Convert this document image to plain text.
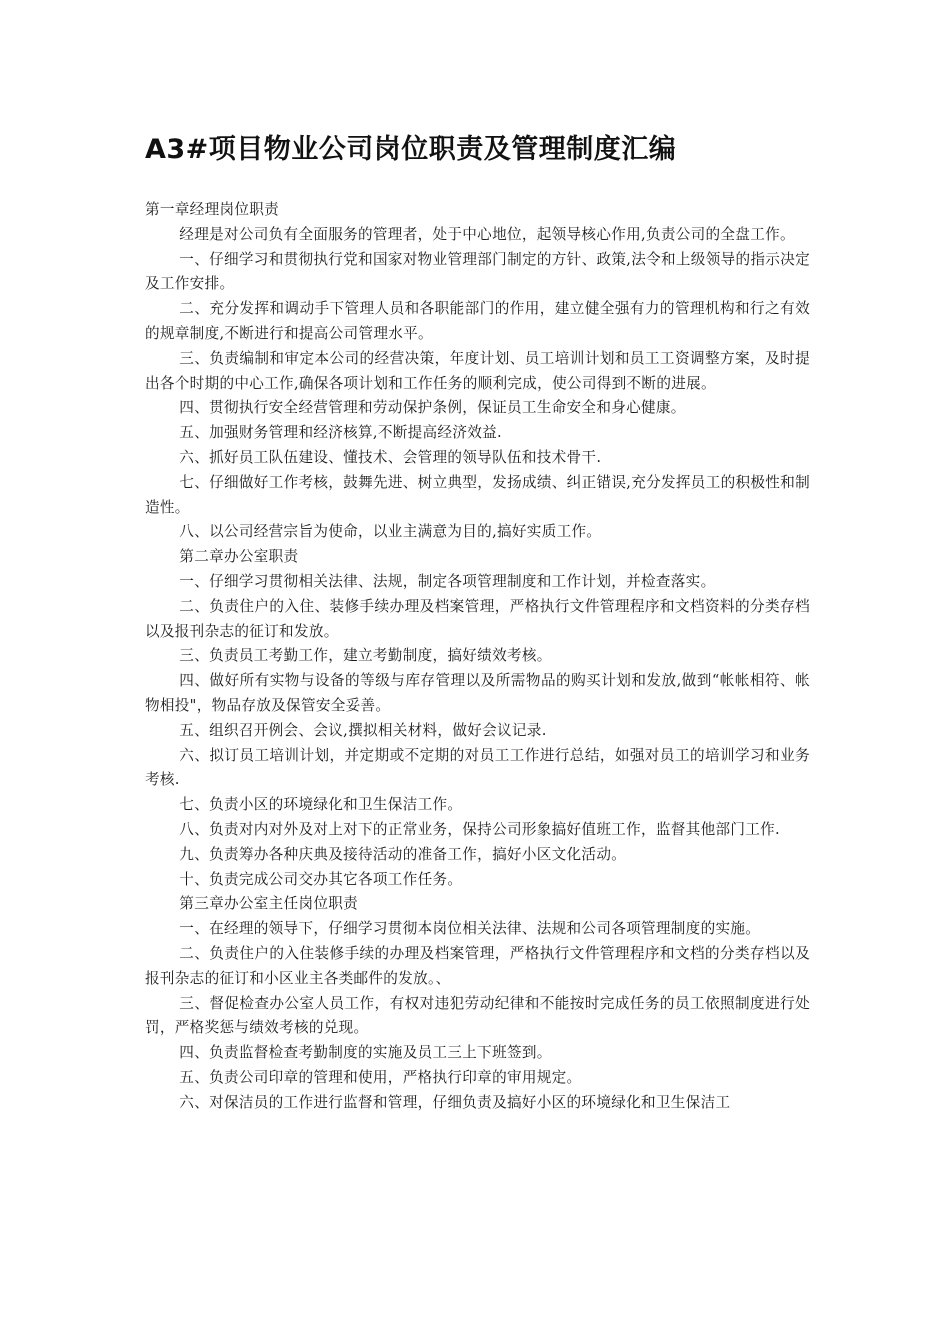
A3#项目物业公司岗位职责及管理制度汇编

第一章经理岗位职责

经理是对公司负有全面服务的管理者，处于中心地位，起领导核心作用,负责公司的全盘工作。

一、仔细学习和贯彻执行党和国家对物业管理部门制定的方针、政策,法令和上级领导的指示决定及工作安排。

二、充分发挥和调动手下管理人员和各职能部门的作用，建立健全强有力的管理机构和行之有效的规章制度,不断进行和提高公司管理水平。

三、负责编制和审定本公司的经营决策，年度计划、员工培训计划和员工工资调整方案，及时提出各个时期的中心工作,确保各项计划和工作任务的顺利完成，使公司得到不断的进展。

四、贯彻执行安全经营管理和劳动保护条例，保证员工生命安全和身心健康。

五、加强财务管理和经济核算,不断提高经济效益.

六、抓好员工队伍建设、懂技术、会管理的领导队伍和技术骨干.

七、仔细做好工作考核，鼓舞先进、树立典型，发扬成绩、纠正错误,充分发挥员工的积极性和制造性。

八、以公司经营宗旨为使命，以业主满意为目的,搞好实质工作。

第二章办公室职责

一、仔细学习贯彻相关法律、法规，制定各项管理制度和工作计划，并检查落实。

二、负责住户的入住、装修手续办理及档案管理，严格执行文件管理程序和文档资料的分类存档以及报刊杂志的征订和发放。

三、负责员工考勤工作，建立考勤制度，搞好绩效考核。

四、做好所有实物与设备的等级与库存管理以及所需物品的购买计划和发放,做到“帐帐相符、帐物相投"，物品存放及保管安全妥善。

五、组织召开例会、会议,撰拟相关材料，做好会议记录.

六、拟订员工培训计划，并定期或不定期的对员工工作进行总结，如强对员工的培训学习和业务考核.

七、负责小区的环境绿化和卫生保洁工作。

八、负责对内对外及对上对下的正常业务，保持公司形象搞好值班工作，监督其他部门工作.

九、负责筹办各种庆典及接待活动的准备工作，搞好小区文化活动。

十、负责完成公司交办其它各项工作任务。

第三章办公室主任岗位职责

一、在经理的领导下，仔细学习贯彻本岗位相关法律、法规和公司各项管理制度的实施。

二、负责住户的入住装修手续的办理及档案管理，严格执行文件管理程序和文档的分类存档以及报刊杂志的征订和小区业主各类邮件的发放。、

三、督促检查办公室人员工作，有权对违犯劳动纪律和不能按时完成任务的员工依照制度进行处罚，严格奖惩与绩效考核的兑现。

四、负责监督检查考勤制度的实施及员工三上下班签到。

五、负责公司印章的管理和使用，严格执行印章的审用规定。

六、对保洁员的工作进行监督和管理，仔细负责及搞好小区的环境绿化和卫生保洁工
